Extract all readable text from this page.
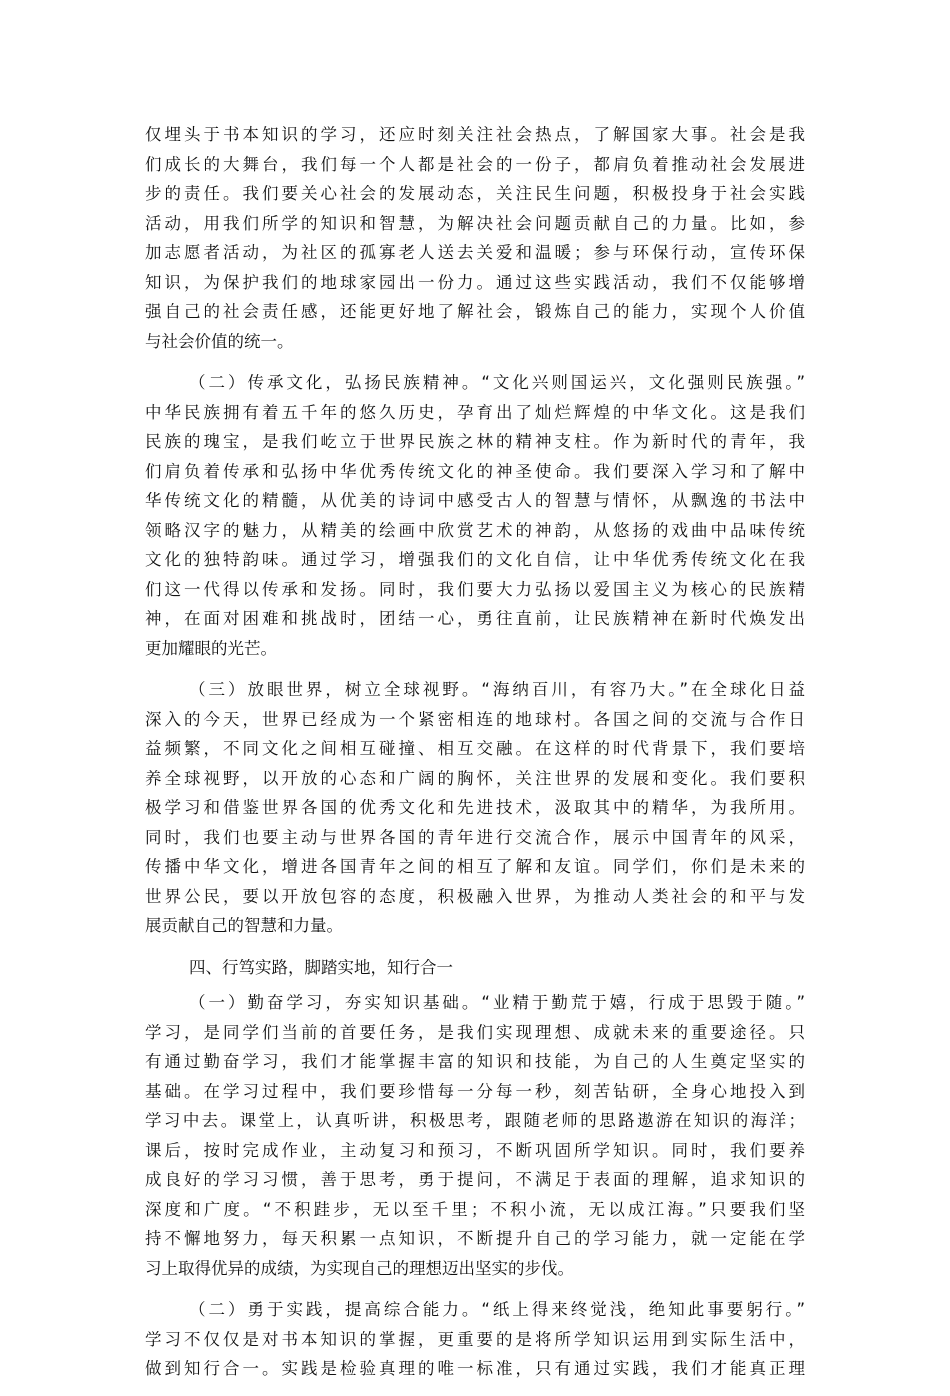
仅埋头于书本知识的学习，还应时刻关注社会热点，了解国家大事。社会是我
们成长的大舞台，我们每一个人都是社会的一份子，都肩负着推动社会发展进
步的责任。我们要关心社会的发展动态，关注民生问题，积极投身于社会实践
活动，用我们所学的知识和智慧，为解决社会问题贡献自己的力量。比如，参
加志愿者活动，为社区的孤寡老人送去关爱和温暖；参与环保行动，宣传环保
知识，为保护我们的地球家园出一份力。通过这些实践活动，我们不仅能够增
强自己的社会责任感，还能更好地了解社会，锻炼自己的能力，实现个人价值
与社会价值的统一。
（二）传承文化，弘扬民族精神。“文化兴则国运兴，文化强则民族强。”
中华民族拥有着五千年的悠久历史，孕育出了灿烂辉煌的中华文化。这是我们
民族的瑰宝，是我们屹立于世界民族之林的精神支柱。作为新时代的青年，我
们肩负着传承和弘扬中华优秀传统文化的神圣使命。我们要深入学习和了解中
华传统文化的精髓，从优美的诗词中感受古人的智慧与情怀，从飘逸的书法中
领略汉字的魅力，从精美的绘画中欣赏艺术的神韵，从悠扬的戏曲中品味传统
文化的独特韵味。通过学习，增强我们的文化自信，让中华优秀传统文化在我
们这一代得以传承和发扬。同时，我们要大力弘扬以爱国主义为核心的民族精
神，在面对困难和挑战时，团结一心，勇往直前，让民族精神在新时代焕发出
更加耀眼的光芒。
（三）放眼世界，树立全球视野。“海纳百川，有容乃大。”在全球化日益
深入的今天，世界已经成为一个紧密相连的地球村。各国之间的交流与合作日
益频繁，不同文化之间相互碰撞、相互交融。在这样的时代背景下，我们要培
养全球视野，以开放的心态和广阔的胸怀，关注世界的发展和变化。我们要积
极学习和借鉴世界各国的优秀文化和先进技术，汲取其中的精华，为我所用。
同时，我们也要主动与世界各国的青年进行交流合作，展示中国青年的风采，
传播中华文化，增进各国青年之间的相互了解和友谊。同学们，你们是未来的
世界公民，要以开放包容的态度，积极融入世界，为推动人类社会的和平与发
展贡献自己的智慧和力量。
四、行笃实路，脚踏实地，知行合一
（一）勤奋学习，夯实知识基础。“业精于勤荒于嬉，行成于思毁于随。”
学习，是同学们当前的首要任务，是我们实现理想、成就未来的重要途径。只
有通过勤奋学习，我们才能掌握丰富的知识和技能，为自己的人生奠定坚实的
基础。在学习过程中，我们要珍惜每一分每一秒，刻苦钻研，全身心地投入到
学习中去。课堂上，认真听讲，积极思考，跟随老师的思路遨游在知识的海洋；
课后，按时完成作业，主动复习和预习，不断巩固所学知识。同时，我们要养
成良好的学习习惯，善于思考，勇于提问，不满足于表面的理解，追求知识的
深度和广度。“不积跬步，无以至千里；不积小流，无以成江海。”只要我们坚
持不懈地努力，每天积累一点知识，不断提升自己的学习能力，就一定能在学
习上取得优异的成绩，为实现自己的理想迈出坚实的步伐。
（二）勇于实践，提高综合能力。“纸上得来终觉浅，绝知此事要躬行。”
学习不仅仅是对书本知识的掌握，更重要的是将所学知识运用到实际生活中，
做到知行合一。实践是检验真理的唯一标准，只有通过实践，我们才能真正理
